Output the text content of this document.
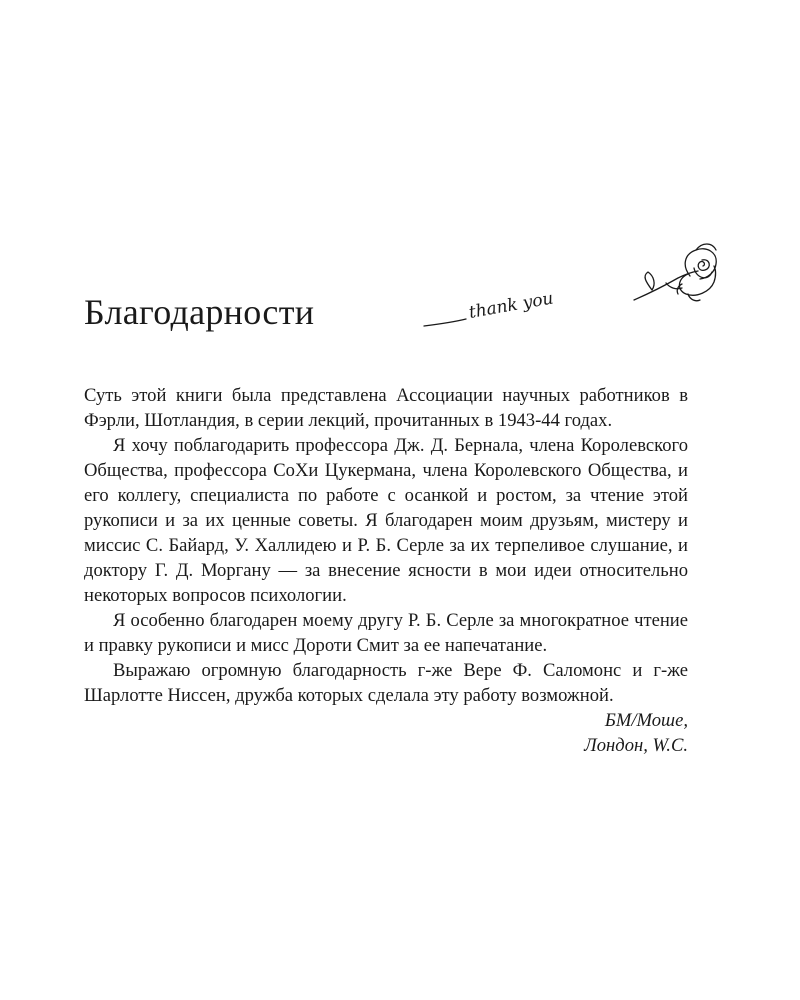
Благодарности	thank you

Суть этой книги была представлена Ассоциации научных работников в Фэрли, Шотландия, в серии лекций, прочитанных в 1943-44 годах.

Я хочу поблагодарить профессора Дж. Д. Бернала, члена Королевского Общества, профессора СоХи Цукермана, члена Королевского Общества, и его коллегу, специалиста по работе с осанкой и ростом, за чтение этой рукописи и за их ценные советы. Я благодарен моим друзьям, мистеру и миссис С. Байард, У. Халлидею и Р. Б. Серле за их терпеливое слушание, и доктору Г. Д. Моргану — за внесение ясности в мои идеи относительно некоторых вопросов психологии.

Я особенно благодарен моему другу Р. Б. Серле за многократное чтение и правку рукописи и мисс Дороти Смит за ее напечатание.

Выражаю огромную благодарность г-же Вере Ф. Саломонс и г-же Шарлотте Ниссен, дружба которых сделала эту работу возможной.

БМ/Моше,
Лондон, W.C.
